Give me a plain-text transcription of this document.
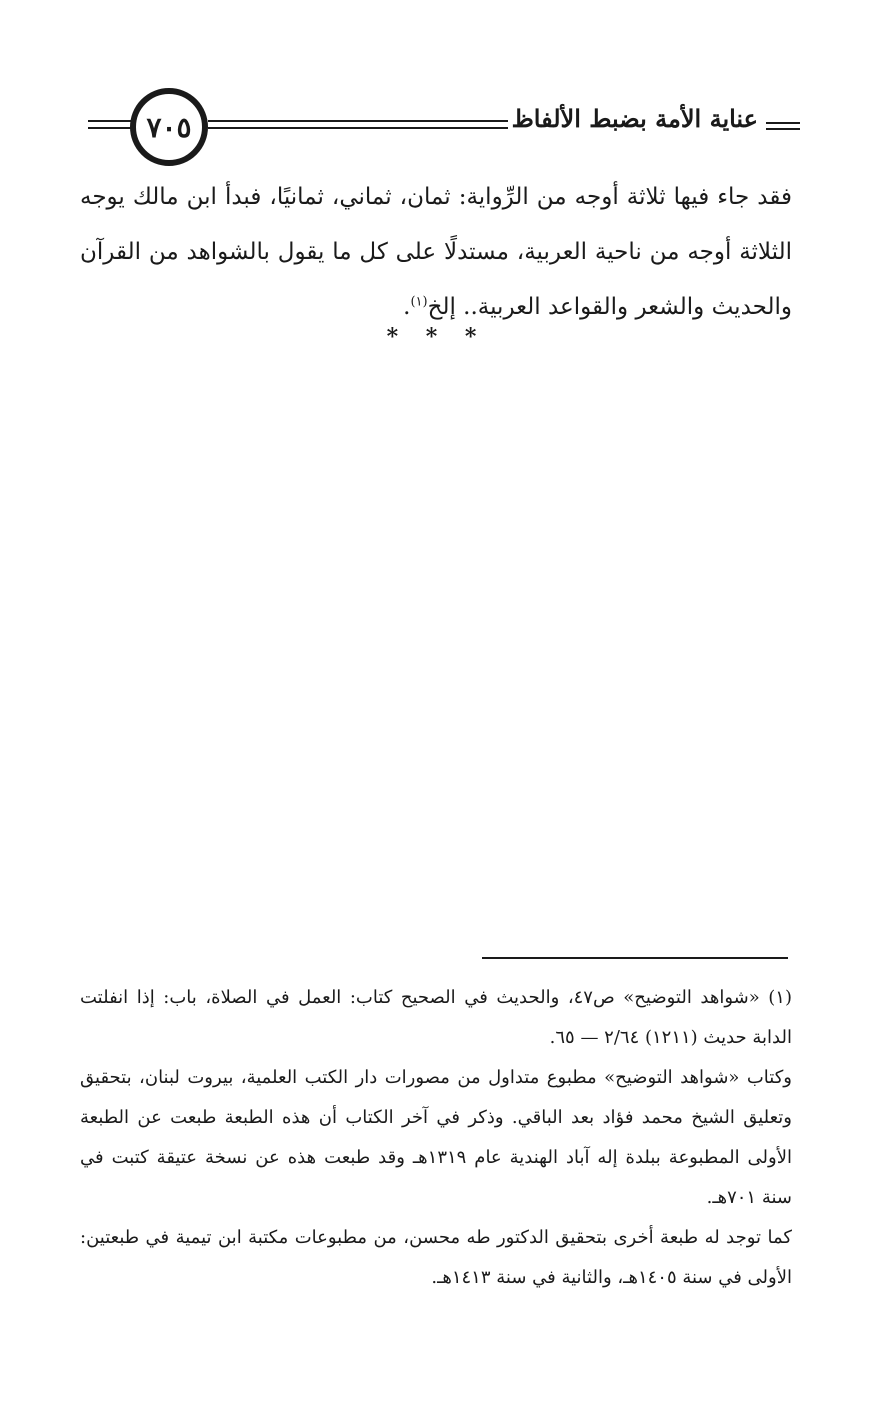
عناية الأمة بضبط الألفاظ
٧٠٥

فقد جاء فيها ثلاثة أوجه من الرِّواية: ثمان، ثماني، ثمانيًا، فبدأ ابن مالك يوجه الثلاثة أوجه من ناحية العربية، مستدلًا على كل ما يقول بالشواهد من القرآن والحديث والشعر والقواعد العربية.. إلخ$^{(١)}$.

* * *

(١) «شواهد التوضيح» ص٤٧، والحديث في الصحيح كتاب: العمل في الصلاة، باب: إذا انفلتت الدابة حديث (١٢١١) ٢/٦٤ — ٦٥.

وكتاب «شواهد التوضيح» مطبوع متداول من مصورات دار الكتب العلمية، بيروت لبنان، بتحقيق وتعليق الشيخ محمد فؤاد بعد الباقي. وذكر في آخر الكتاب أن هذه الطبعة طبعت عن الطبعة الأولى المطبوعة ببلدة إله آباد الهندية عام ١٣١٩هـ وقد طبعت هذه عن نسخة عتيقة كتبت في سنة ٧٠١هـ.

كما توجد له طبعة أخرى بتحقيق الدكتور طه محسن، من مطبوعات مكتبة ابن تيمية في طبعتين: الأولى في سنة ١٤٠٥هـ، والثانية في سنة ١٤١٣هـ.
